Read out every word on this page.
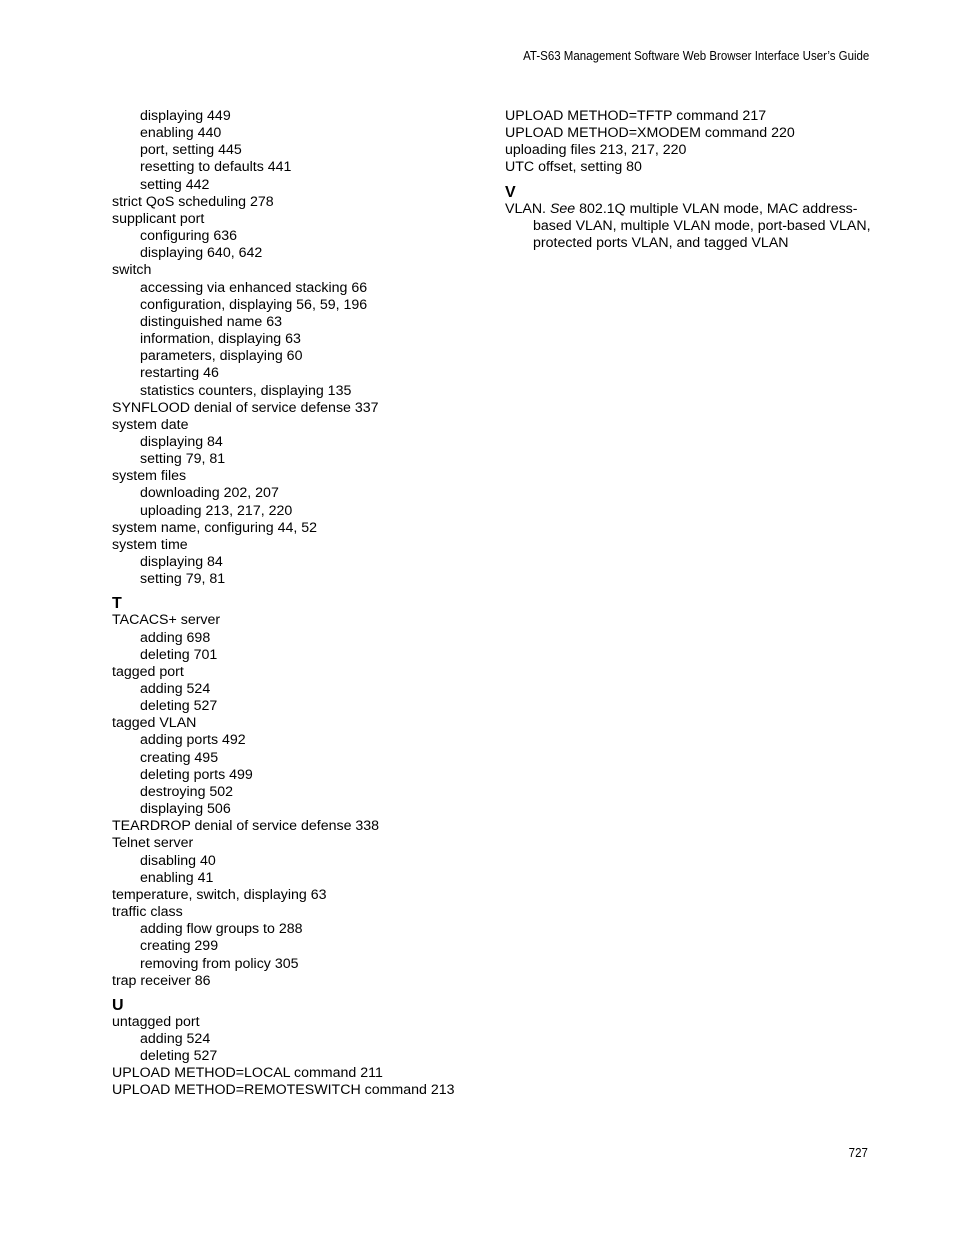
AT-S63 Management Software Web Browser Interface User’s Guide
displaying 449
enabling 440
port, setting 445
resetting to defaults 441
setting 442
strict QoS scheduling 278
supplicant port
configuring 636
displaying 640, 642
switch
accessing via enhanced stacking 66
configuration, displaying 56, 59, 196
distinguished name 63
information, displaying 63
parameters, displaying 60
restarting 46
statistics counters, displaying 135
SYNFLOOD denial of service defense 337
system date
displaying 84
setting 79, 81
system files
downloading 202, 207
uploading 213, 217, 220
system name, configuring 44, 52
system time
displaying 84
setting 79, 81
T
TACACS+ server
adding 698
deleting 701
tagged port
adding 524
deleting 527
tagged VLAN
adding ports 492
creating 495
deleting ports 499
destroying 502
displaying 506
TEARDROP denial of service defense 338
Telnet server
disabling 40
enabling 41
temperature, switch, displaying 63
traffic class
adding flow groups to 288
creating 299
removing from policy 305
trap receiver 86
U
untagged port
adding 524
deleting 527
UPLOAD METHOD=LOCAL command 211
UPLOAD METHOD=REMOTESWITCH command 213
UPLOAD METHOD=TFTP command 217
UPLOAD METHOD=XMODEM command 220
uploading files 213, 217, 220
UTC offset, setting 80
V
VLAN. See 802.1Q multiple VLAN mode, MAC address-based VLAN, multiple VLAN mode, port-based VLAN, protected ports VLAN, and tagged VLAN
727
